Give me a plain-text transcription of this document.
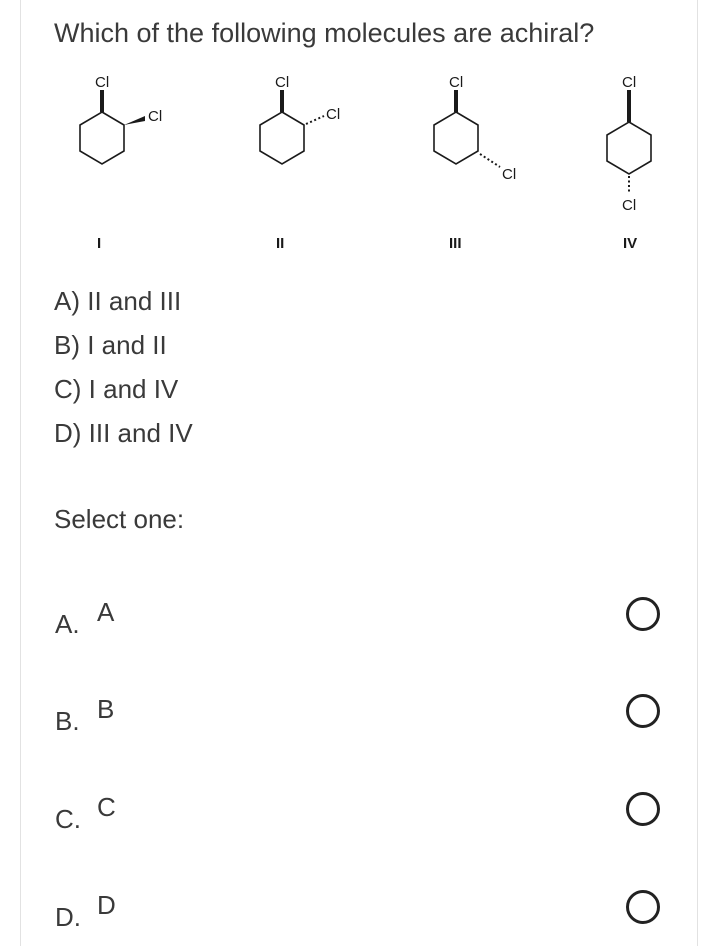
Which of the following molecules are achiral?
Cl
Cl
I
Cl
Cl
II
Cl
Cl
III
Cl
Cl
IV
A) II and III
B) I and II
C) I and IV
D) III and IV
Select one:
A. A
B. B
C. C
D. D
